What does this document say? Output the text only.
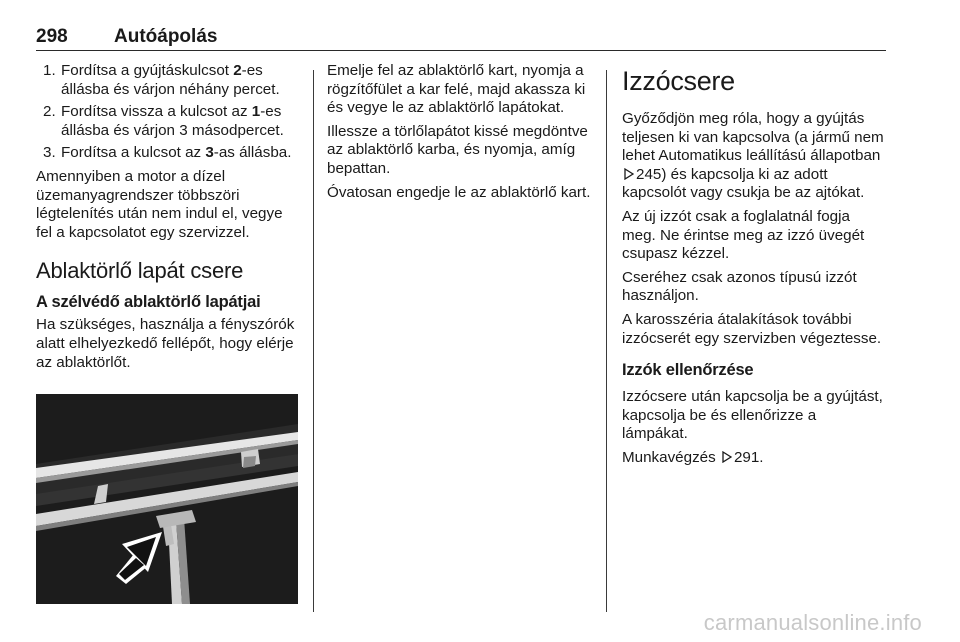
298 Autóápolás
1. Fordítsa a gyújtáskulcsot 2-es állásba és várjon néhány percet.
2. Fordítsa vissza a kulcsot az 1-es állásba és várjon 3 másodpercet.
3. Fordítsa a kulcsot az 3-as állásba.

Amennyiben a motor a dízel üzemanyagrendszer többszöri légtelenítés után nem indul el, vegye fel a kapcsolatot egy szervizzel.

Ablaktörlő lapát csere
A szélvédő ablaktörlő lapátjai

Ha szükséges, használja a fényszórók alatt elhelyezkedő fellépőt, hogy elérje az ablaktörlőt.

Emelje fel az ablaktörlő kart, nyomja a rögzítőfület a kar felé, majd akassza ki és vegye le az ablaktörlő lapátokat.

Illessze a törlőlapátot kissé megdöntve az ablaktörlő karba, és nyomja, amíg bepattan.

Óvatosan engedje le az ablaktörlő kart.

Izzócsere

Győződjön meg róla, hogy a gyújtás teljesen ki van kapcsolva (a jármű nem lehet Automatikus leállítású állapotban
245) és kapcsolja ki az adott kapcsolót vagy csukja be az ajtókat.

Az új izzót csak a foglalatnál fogja meg. Ne érintse meg az izzó üvegét csupasz kézzel.

Cseréhez csak azonos típusú izzót használjon.

A karosszéria átalakítások további izzócserét egy szervizben végeztesse.

Izzók ellenőrzése

Izzócsere után kapcsolja be a gyújtást, kapcsolja be és ellenőrizze a lámpákat.

Munkavégzés 291.

carmanualsonline.info
